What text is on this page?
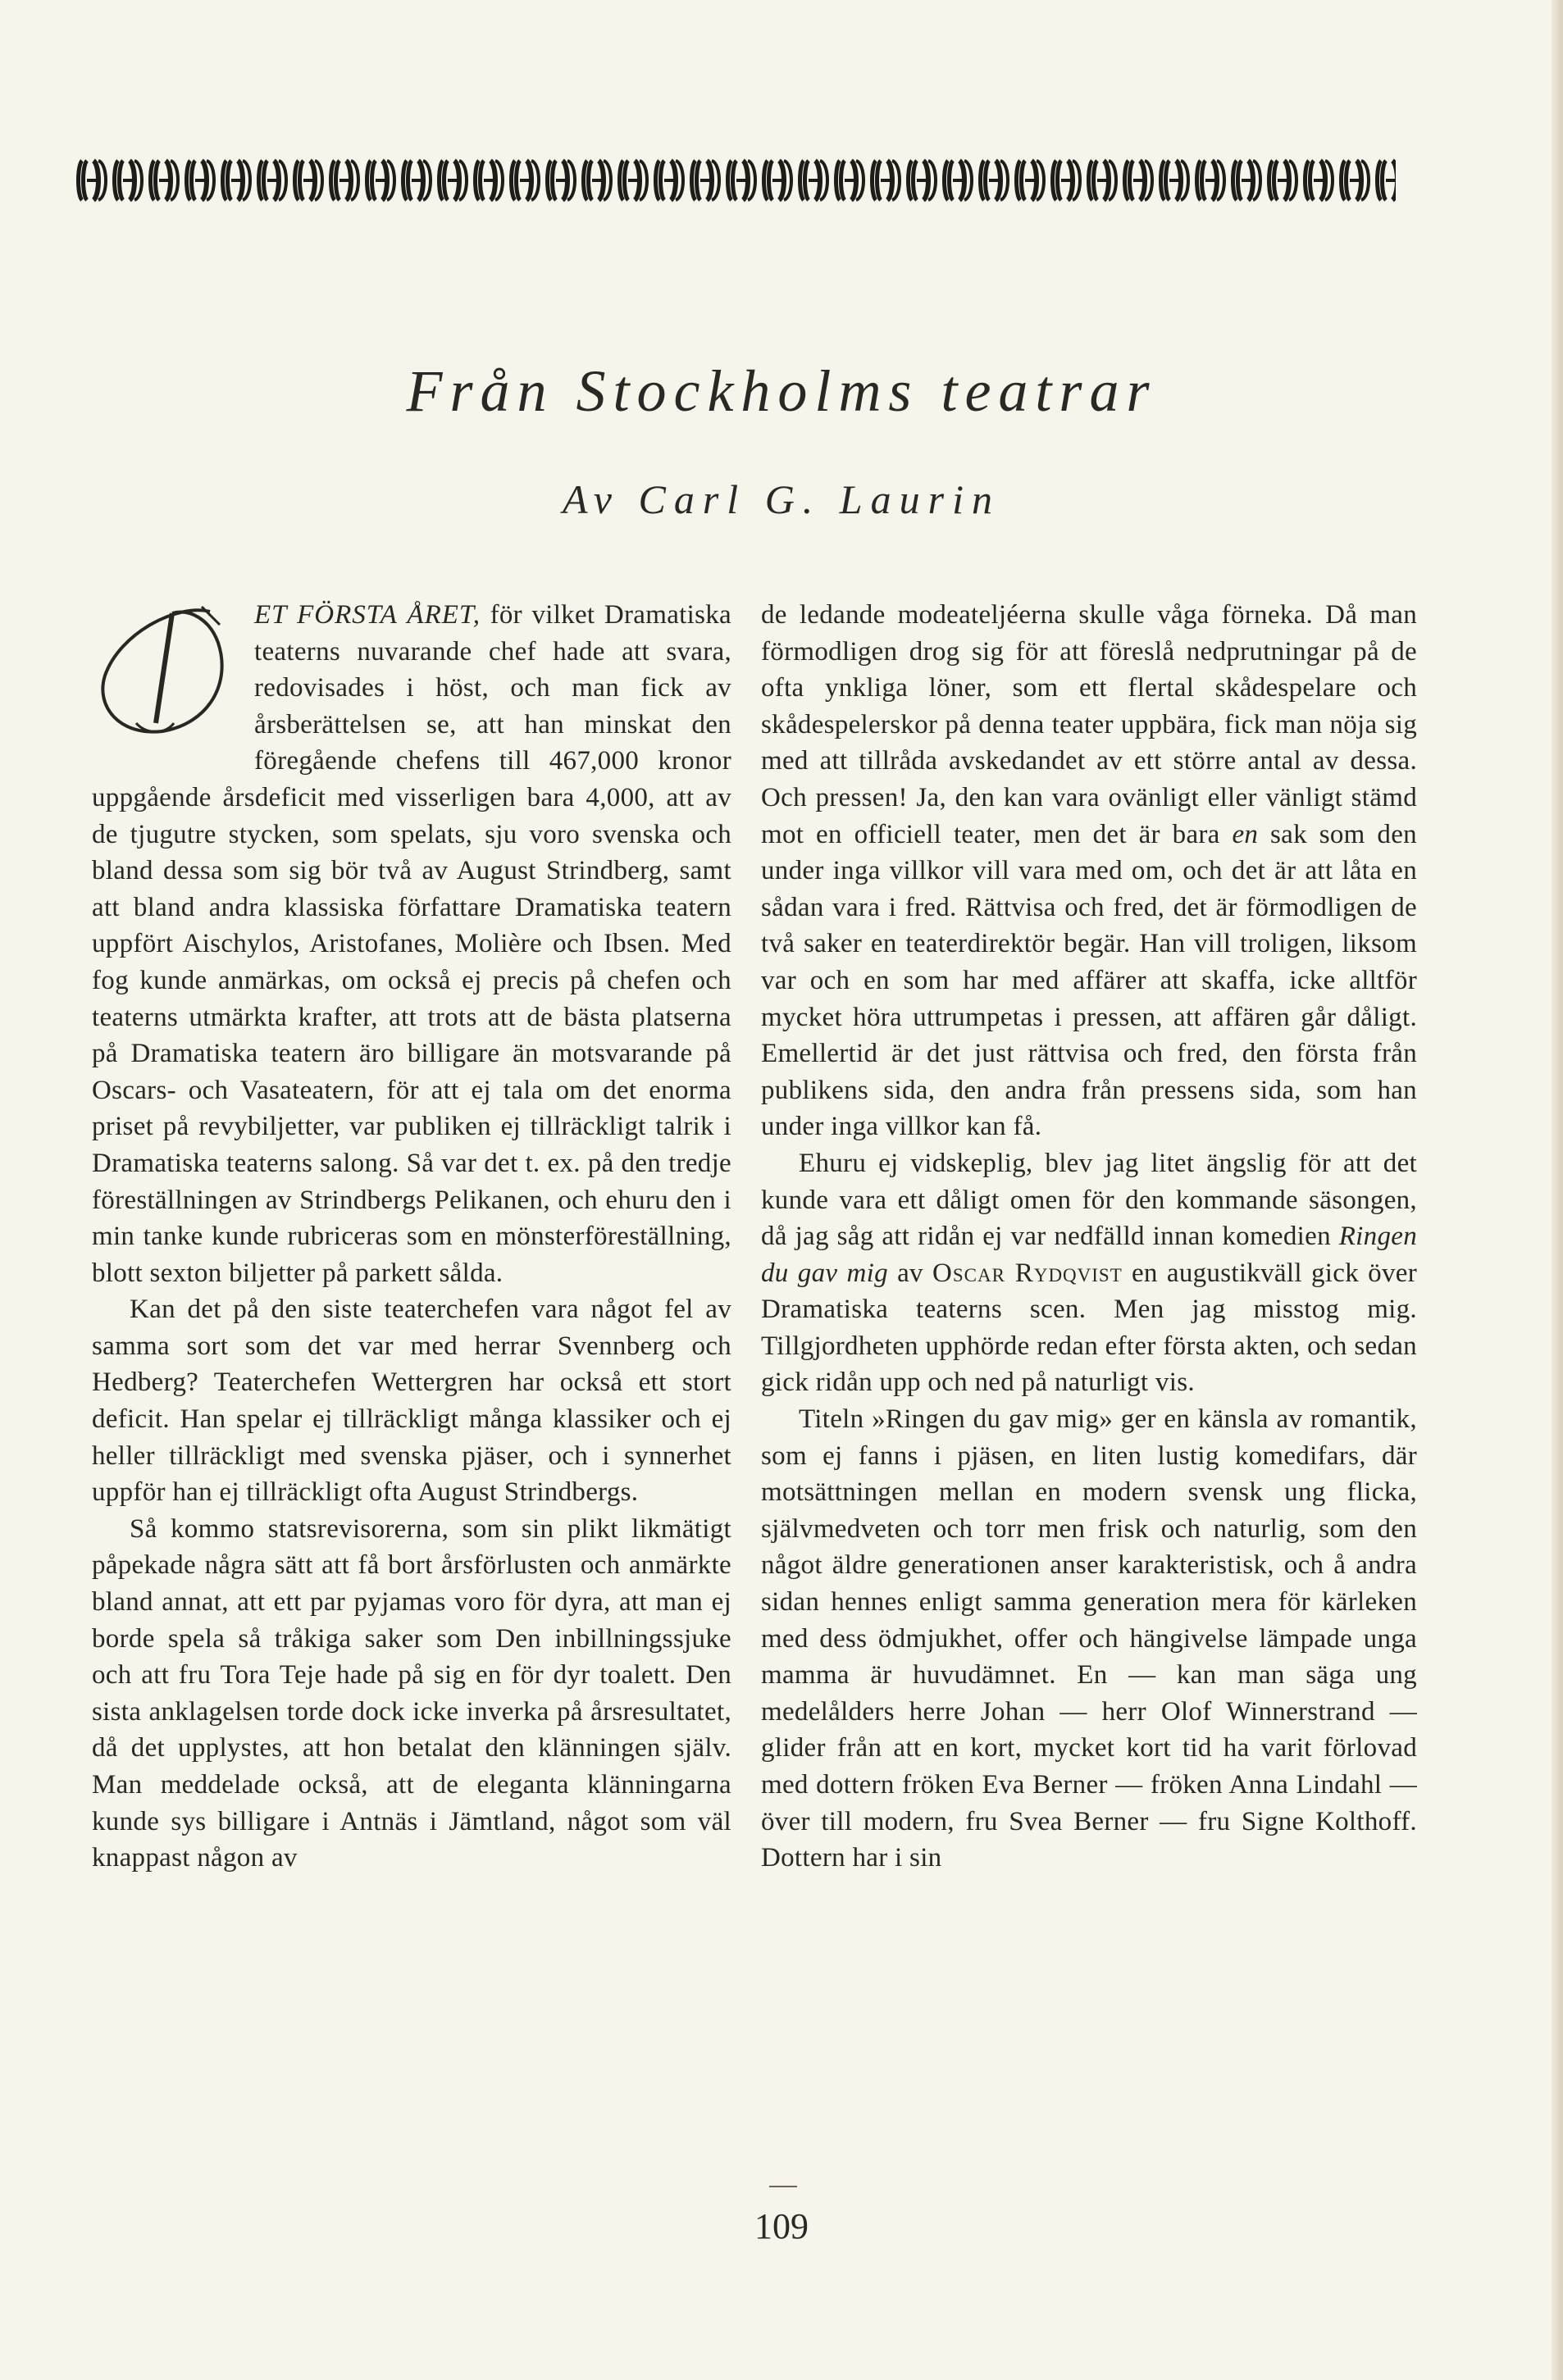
Från Stockholms teatrar

Av Carl G. Laurin

D
ET FÖRSTA ÅRET, för vilket Dramatiska teaterns nuvarande chef hade att svara, redovisades i höst, och man fick av årsberättelsen se, att han minskat den föregående chefens till 467,000 kronor uppgående årsdeficit med visserligen bara 4,000, att av de tjugutre stycken, som spelats, sju voro svenska och bland dessa som sig bör två av August Strindberg, samt att bland andra klassiska författare Dramatiska teatern uppfört Aischylos, Aristofanes, Molière och Ibsen. Med fog kunde anmärkas, om också ej precis på chefen och teaterns utmärkta krafter, att trots att de bästa platserna på Dramatiska teatern äro billigare än motsvarande på Oscars- och Vasateatern, för att ej tala om det enorma priset på revybiljetter, var publiken ej tillräckligt talrik i Dramatiska teaterns salong. Så var det t. ex. på den tredje föreställningen av Strindbergs Pelikanen, och ehuru den i min tanke kunde rubriceras som en mönsterföreställning, blott sexton biljetter på parkett sålda.

Kan det på den siste teaterchefen vara något fel av samma sort som det var med herrar Svennberg och Hedberg? Teaterchefen Wettergren har också ett stort deficit. Han spelar ej tillräckligt många klassiker och ej heller tillräckligt med svenska pjäser, och i synnerhet uppför han ej tillräckligt ofta August Strindbergs.

Så kommo statsrevisorerna, som sin plikt likmätigt påpekade några sätt att få bort årsförlusten och anmärkte bland annat, att ett par pyjamas voro för dyra, att man ej borde spela så tråkiga saker som Den inbillningssjuke och att fru Tora Teje hade på sig en för dyr toalett. Den sista anklagelsen torde dock icke inverka på årsresultatet, då det upplystes, att hon betalat den klänningen själv. Man meddelade också, att de eleganta klänningarna kunde sys billigare i Antnäs i Jämtland, något som väl knappast någon av

de ledande modeateljéerna skulle våga förneka. Då man förmodligen drog sig för att föreslå nedprutningar på de ofta ynkliga löner, som ett flertal skådespelare och skådespelerskor på denna teater uppbära, fick man nöja sig med att tillråda avskedandet av ett större antal av dessa. Och pressen! Ja, den kan vara ovänligt eller vänligt stämd mot en officiell teater, men det är bara en sak som den under inga villkor vill vara med om, och det är att låta en sådan vara i fred. Rättvisa och fred, det är förmodligen de två saker en teaterdirektör begär. Han vill troligen, liksom var och en som har med affärer att skaffa, icke alltför mycket höra uttrumpetas i pressen, att affären går dåligt. Emellertid är det just rättvisa och fred, den första från publikens sida, den andra från pressens sida, som han under inga villkor kan få.

Ehuru ej vidskeplig, blev jag litet ängslig för att det kunde vara ett dåligt omen för den kommande säsongen, då jag såg att ridån ej var nedfälld innan komedien Ringen du gav mig av Oscar Rydqvist en augustikväll gick över Dramatiska teaterns scen. Men jag misstog mig. Tillgjordheten upphörde redan efter första akten, och sedan gick ridån upp och ned på naturligt vis.

Titeln »Ringen du gav mig» ger en känsla av romantik, som ej fanns i pjäsen, en liten lustig komedifars, där motsättningen mellan en modern svensk ung flicka, självmedveten och torr men frisk och naturlig, som den något äldre generationen anser karakteristisk, och å andra sidan hennes enligt samma generation mera för kärleken med dess ödmjukhet, offer och hängivelse lämpade unga mamma är huvudämnet. En — kan man säga ung medelålders herre Johan — herr Olof Winnerstrand — glider från att en kort, mycket kort tid ha varit förlovad med dottern fröken Eva Berner — fröken Anna Lindahl — över till modern, fru Svea Berner — fru Signe Kolthoff. Dottern har i sin

109
